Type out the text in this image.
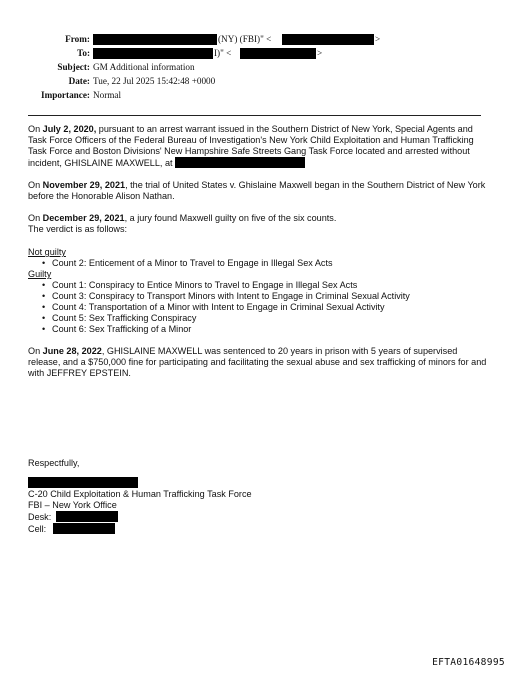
From:	(NY) (FBI)" <	>
To:	I)" <	>
Subject: GM Additional information
Date: Tue, 22 Jul 2025 15:42:48 +0000
Importance: Normal

On July 2, 2020, pursuant to an arrest warrant issued in the Southern District of New York, Special Agents and Task Force Officers of the Federal Bureau of Investigation's New York Child Exploitation and Human Trafficking Task Force and Boston Divisions' New Hampshire Safe Streets Gang Task Force located and arrested without incident, GHISLAINE MAXWELL, at

On November 29, 2021, the trial of United States v. Ghislaine Maxwell began in the Southern District of New York before the Honorable Alison Nathan.

On December 29, 2021, a jury found Maxwell guilty on five of the six counts.
The verdict is as follows:

Not guilty
• Count 2: Enticement of a Minor to Travel to Engage in Illegal Sex Acts
Guilty
• Count 1: Conspiracy to Entice Minors to Travel to Engage in Illegal Sex Acts
• Count 3: Conspiracy to Transport Minors with Intent to Engage in Criminal Sexual Activity
• Count 4: Transportation of a Minor with Intent to Engage in Criminal Sexual Activity
• Count 5: Sex Trafficking Conspiracy
• Count 6: Sex Trafficking of a Minor

On June 28, 2022, GHISLAINE MAXWELL was sentenced to 20 years in prison with 5 years of supervised release, and a $750,000 fine for participating and facilitating the sexual abuse and sex trafficking of minors for and with JEFFREY EPSTEIN.

Respectfully,
C-20 Child Exploitation & Human Trafficking Task Force
FBI – New York Office
Desk:
Cell:
EFTA01648995
